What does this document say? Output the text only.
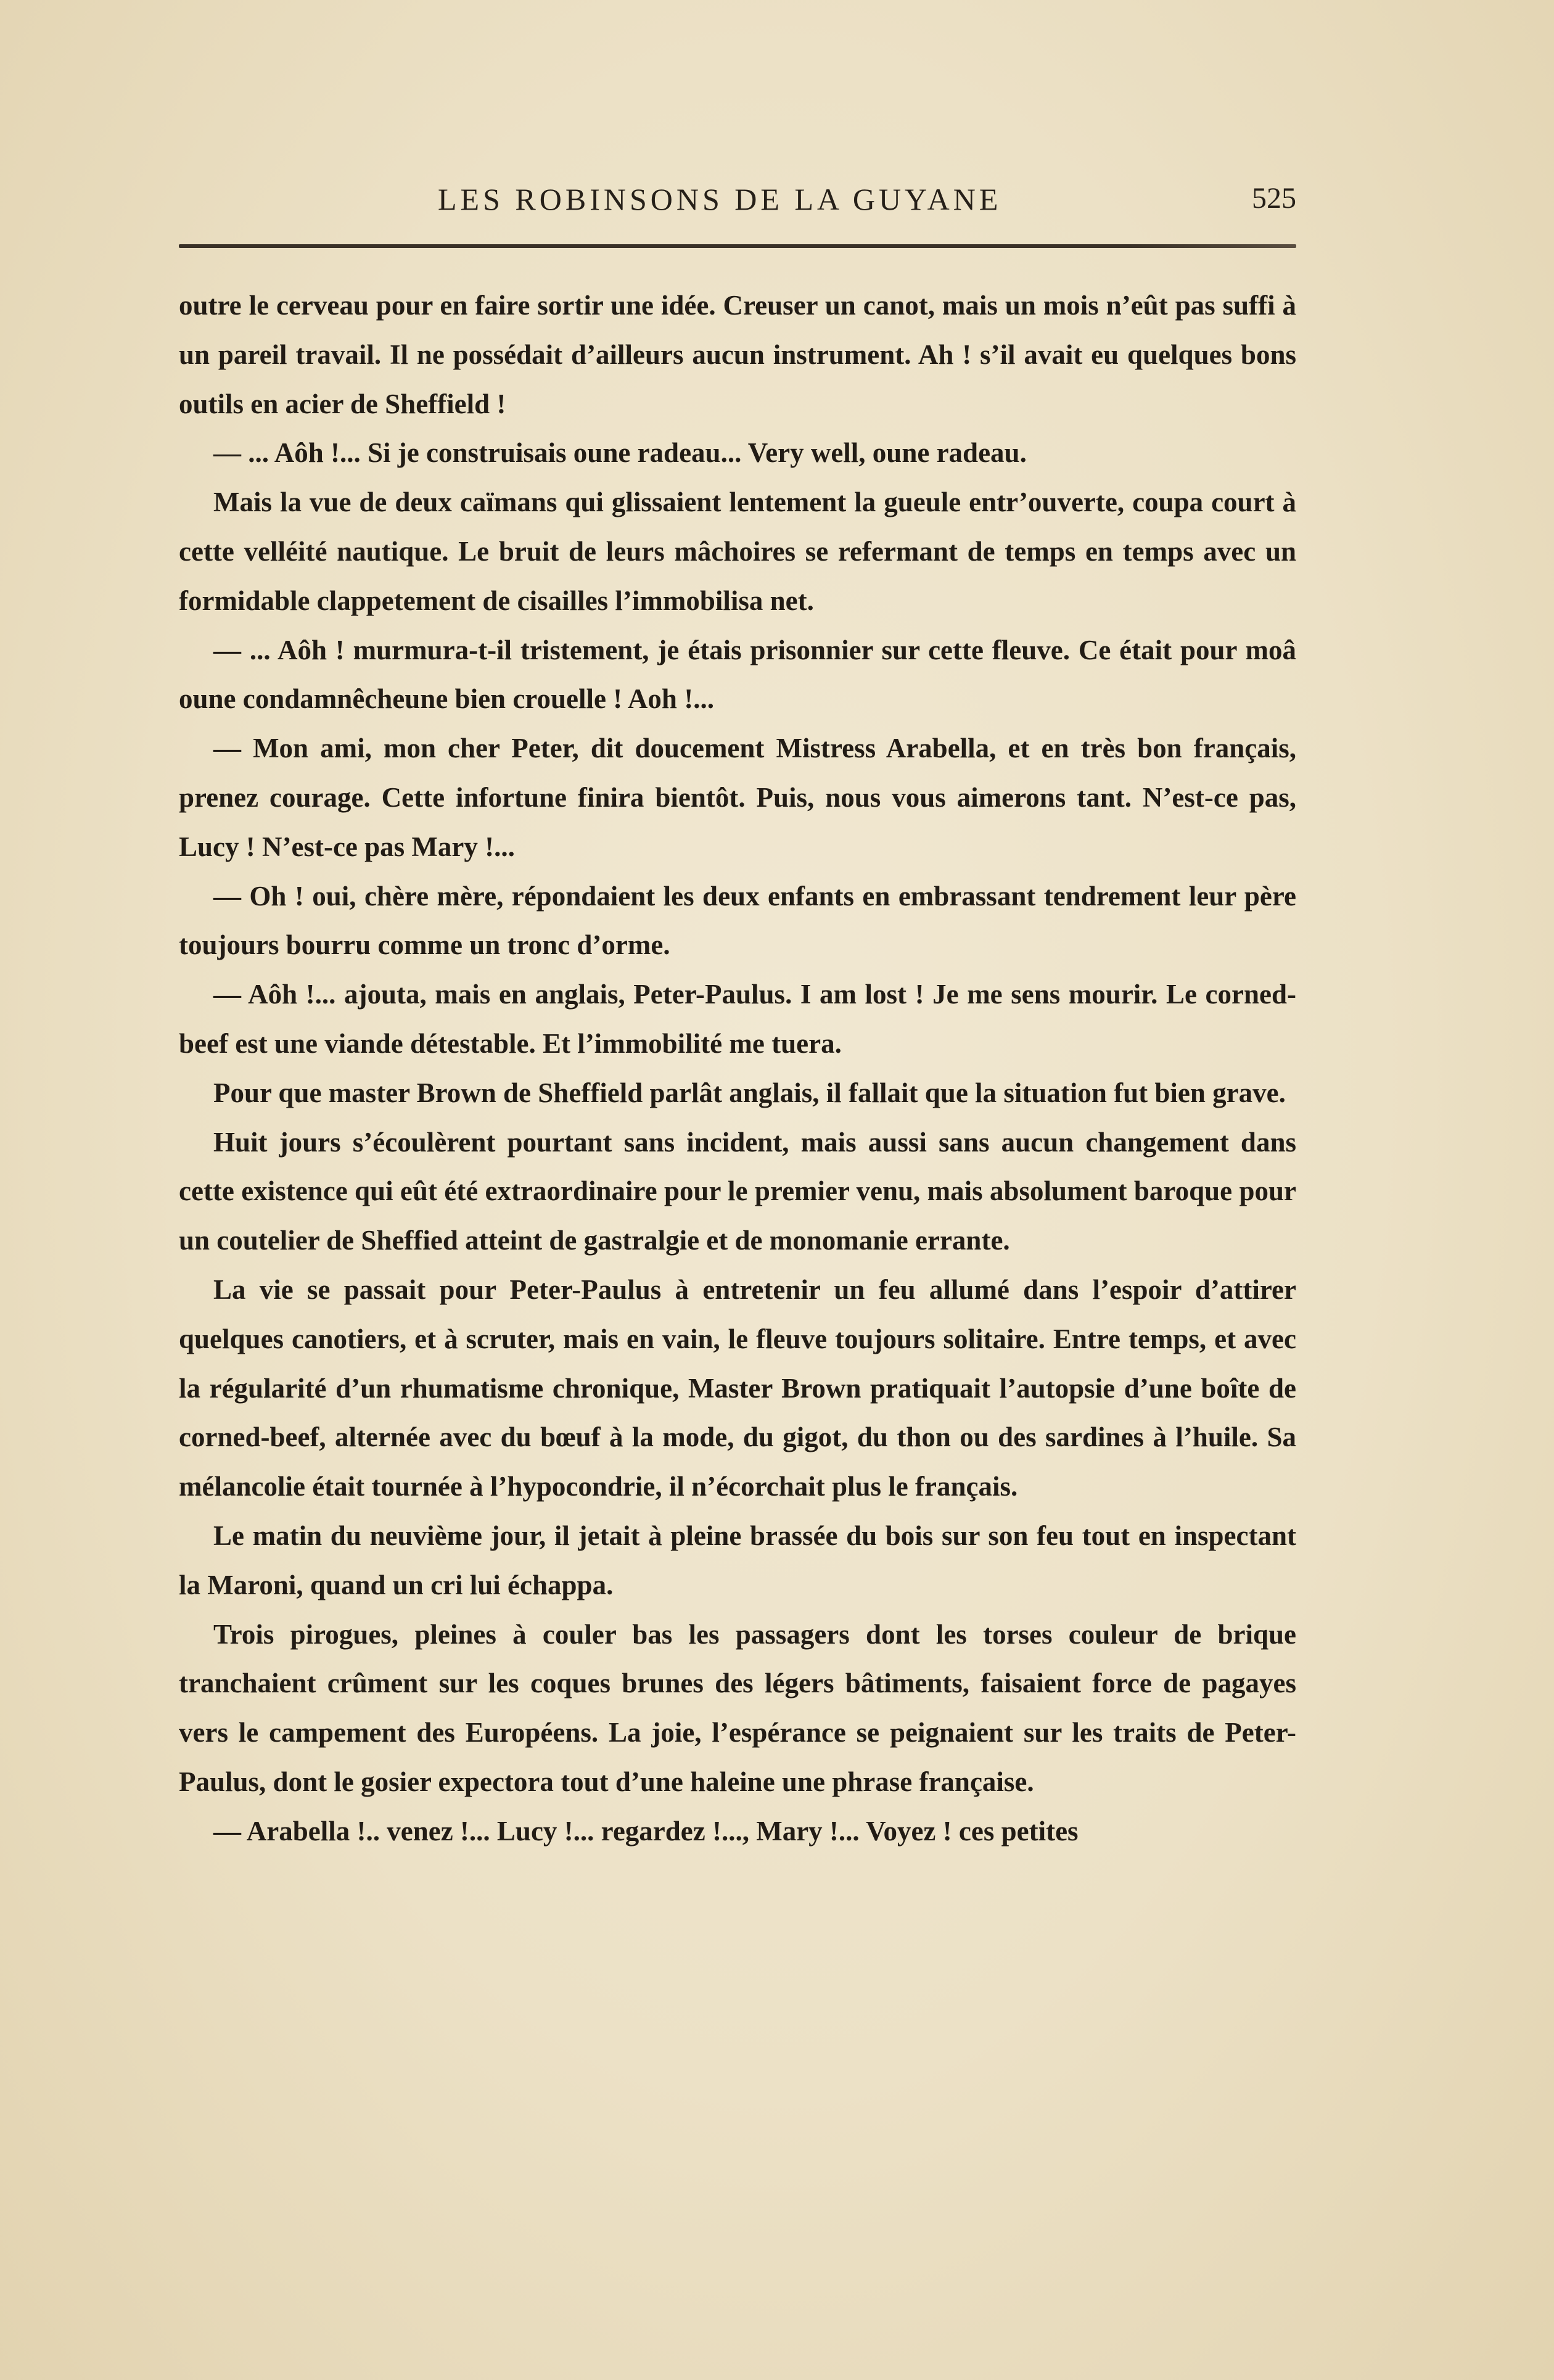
LES ROBINSONS DE LA GUYANE	525

outre le cerveau pour en faire sortir une idée. Creuser un canot, mais un mois n’eût pas suffi à un pareil travail. Il ne possédait d’ailleurs aucun instrument. Ah ! s’il avait eu quelques bons outils en acier de Sheffield !

— ... Aôh !... Si je construisais oune radeau... Very well, oune radeau.

Mais la vue de deux caïmans qui glissaient lentement la gueule entr’ouverte, coupa court à cette velléité nautique. Le bruit de leurs mâchoires se refermant de temps en temps avec un formidable clappetement de cisailles l’immobilisa net.

— ... Aôh ! murmura-t-il tristement, je étais prisonnier sur cette fleuve. Ce était pour moâ oune condamnêcheune bien crouelle ! Aoh !...

— Mon ami, mon cher Peter, dit doucement Mistress Arabella, et en très bon français, prenez courage. Cette infortune finira bientôt. Puis, nous vous aimerons tant. N’est-ce pas, Lucy ! N’est-ce pas Mary !...

— Oh ! oui, chère mère, répondaient les deux enfants en embrassant tendrement leur père toujours bourru comme un tronc d’orme.

— Aôh !... ajouta, mais en anglais, Peter-Paulus. I am lost ! Je me sens mourir. Le corned-beef est une viande détestable. Et l’immobilité me tuera.

Pour que master Brown de Sheffield parlât anglais, il fallait que la situation fut bien grave.

Huit jours s’écoulèrent pourtant sans incident, mais aussi sans aucun changement dans cette existence qui eût été extraordinaire pour le premier venu, mais absolument baroque pour un coutelier de Sheffied atteint de gastralgie et de monomanie errante.

La vie se passait pour Peter-Paulus à entretenir un feu allumé dans l’espoir d’attirer quelques canotiers, et à scruter, mais en vain, le fleuve toujours solitaire. Entre temps, et avec la régularité d’un rhumatisme chronique, Master Brown pratiquait l’autopsie d’une boîte de corned-beef, alternée avec du bœuf à la mode, du gigot, du thon ou des sardines à l’huile. Sa mélancolie était tournée à l’hypocondrie, il n’écorchait plus le français.

Le matin du neuvième jour, il jetait à pleine brassée du bois sur son feu tout en inspectant la Maroni, quand un cri lui échappa.

Trois pirogues, pleines à couler bas les passagers dont les torses couleur de brique tranchaient crûment sur les coques brunes des légers bâtiments, faisaient force de pagayes vers le campement des Européens. La joie, l’espérance se peignaient sur les traits de Peter-Paulus, dont le gosier expectora tout d’une haleine une phrase française.

— Arabella !.. venez !... Lucy !... regardez !..., Mary !... Voyez ! ces petites
